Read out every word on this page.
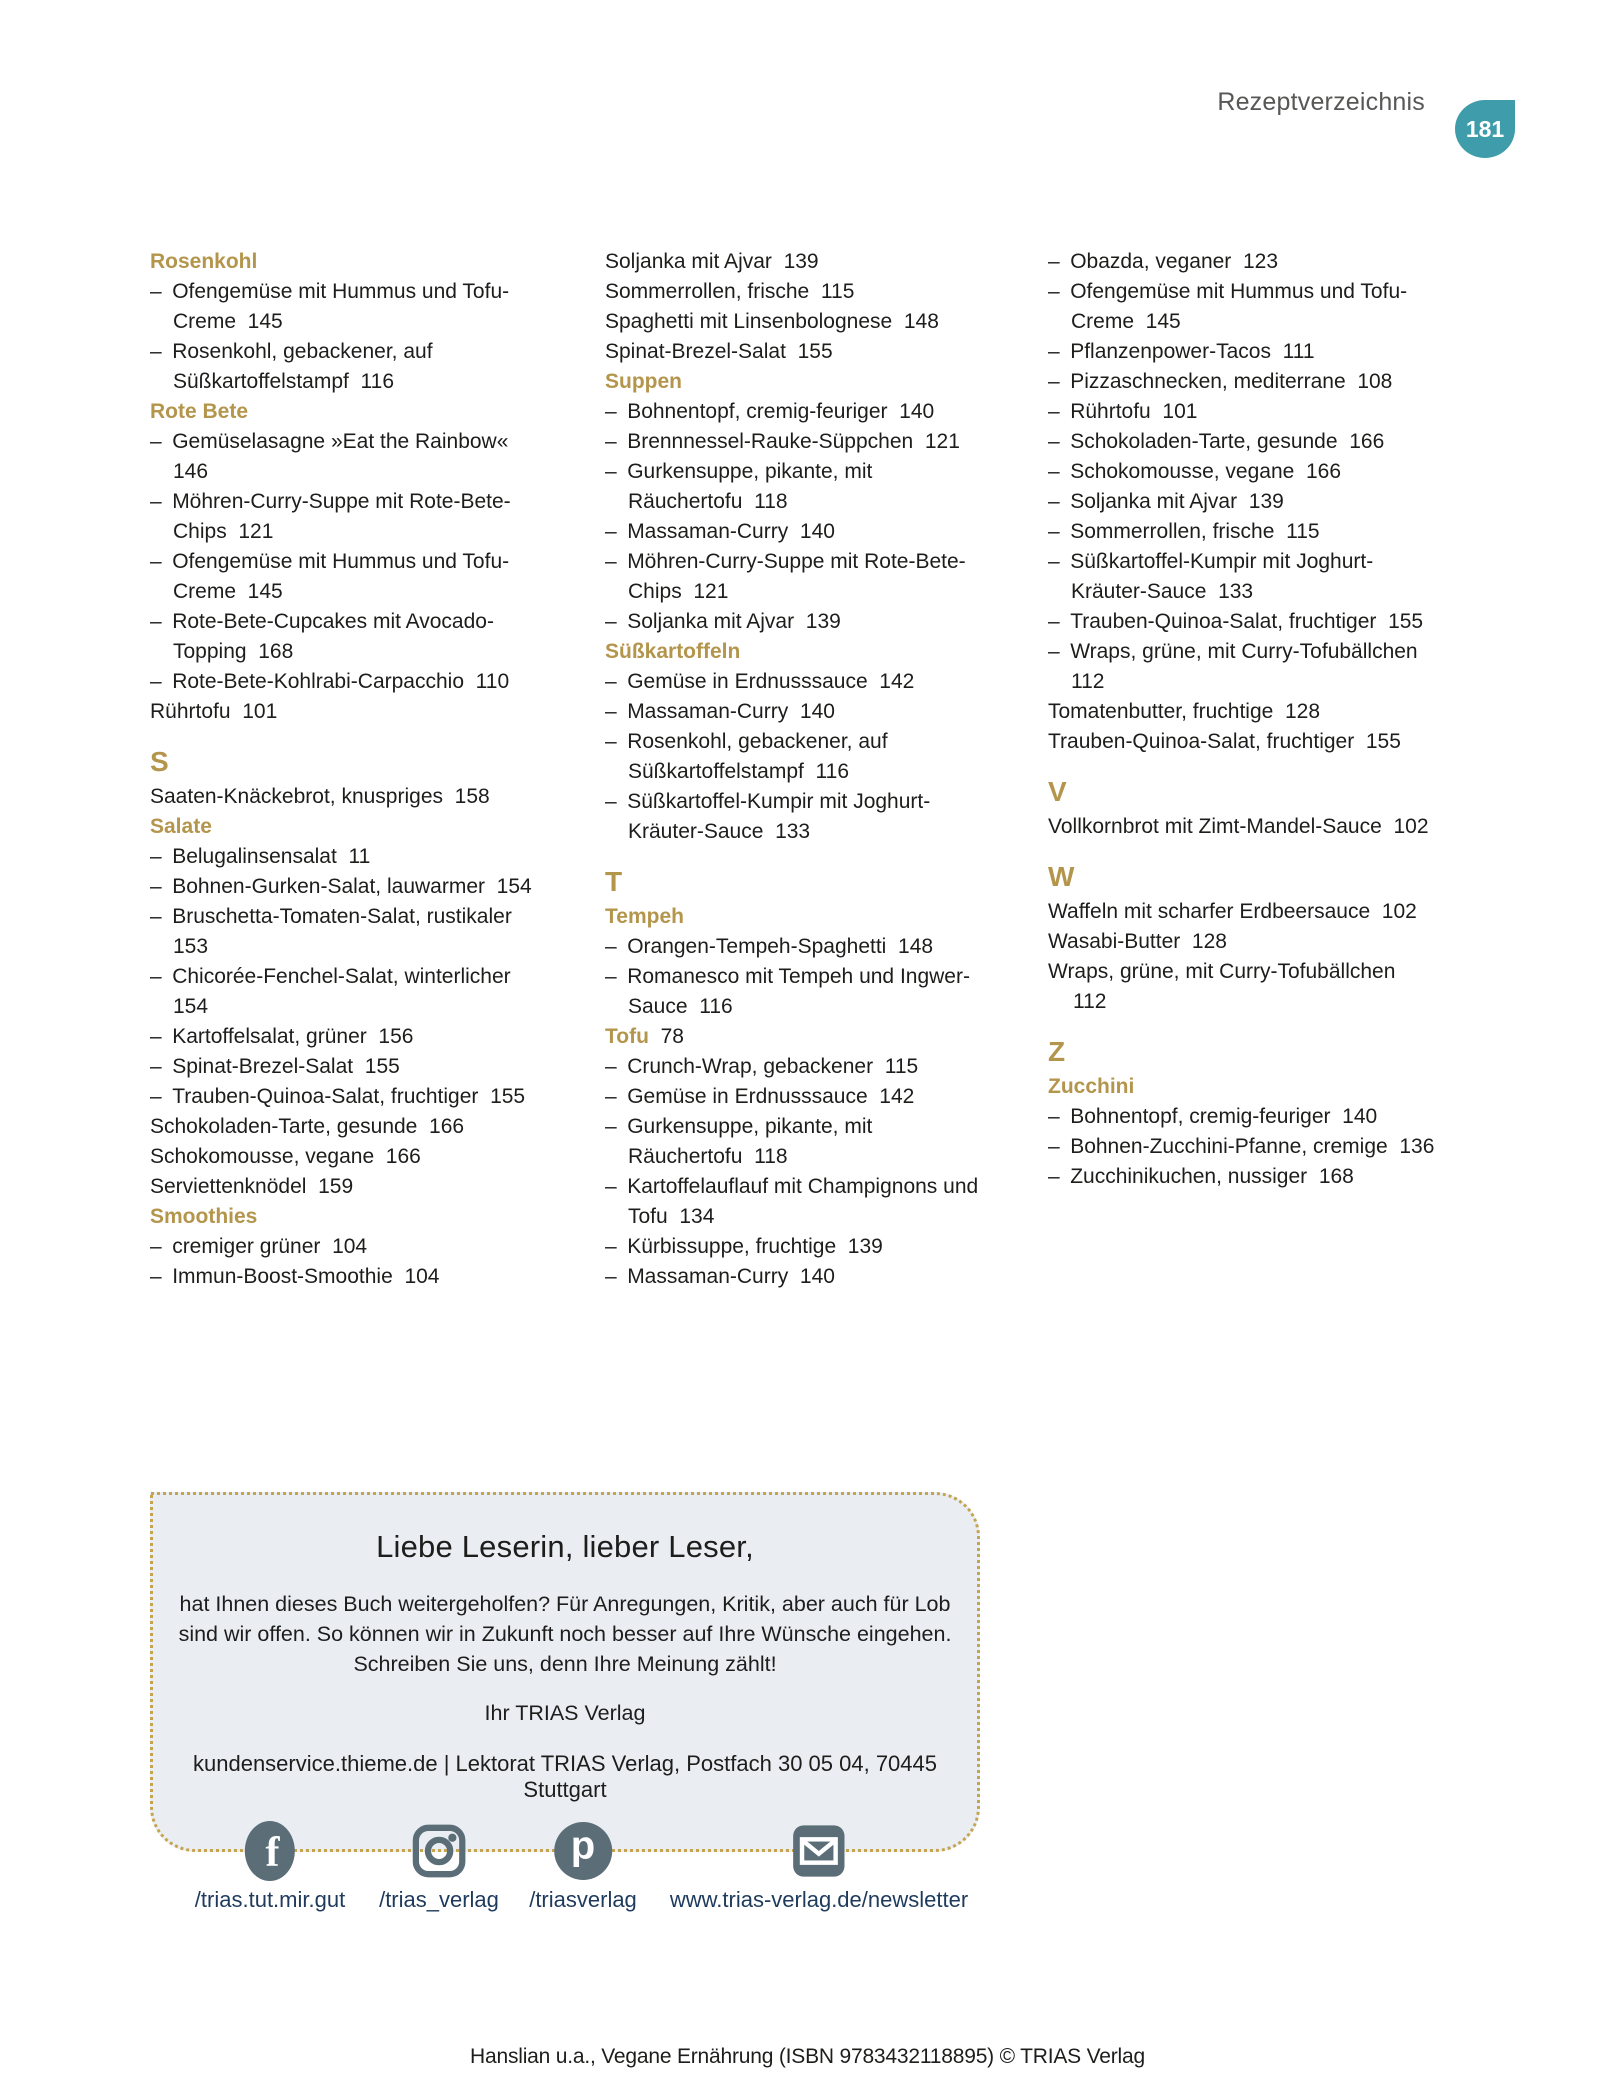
Rezeptverzeichnis
181
Rosenkohl
– Ofengemüse mit Hummus und Tofu-
Creme  145
– Rosenkohl, gebackener, auf
Süßkartoffelstampf  116
Rote Bete
– Gemüselasagne »Eat the Rainbow«
146
– Möhren-Curry-Suppe mit Rote-Bete-
Chips  121
– Ofengemüse mit Hummus und Tofu-
Creme  145
– Rote-Bete-Cupcakes mit Avocado-
Topping  168
– Rote-Bete-Kohlrabi-Carpacchio  110
Rührtofu  101
S
Saaten-Knäckebrot, knuspriges  158
Salate
– Belugalinsensalat  11
– Bohnen-Gurken-Salat, lauwarmer  154
– Bruschetta-Tomaten-Salat, rustikaler
153
– Chicorée-Fenchel-Salat, winterlicher
154
– Kartoffelsalat, grüner  156
– Spinat-Brezel-Salat  155
– Trauben-Quinoa-Salat, fruchtiger  155
Schokoladen-Tarte, gesunde  166
Schokomousse, vegane  166
Serviettenknödel  159
Smoothies
– cremiger grüner  104
– Immun-Boost-Smoothie  104
Soljanka mit Ajvar  139
Sommerrollen, frische  115
Spaghetti mit Linsenbolognese  148
Spinat-Brezel-Salat  155
Suppen
– Bohnentopf, cremig-feuriger  140
– Brennnessel-Rauke-Süppchen  121
– Gurkensuppe, pikante, mit
Räuchertofu  118
– Massaman-Curry  140
– Möhren-Curry-Suppe mit Rote-Bete-
Chips  121
– Soljanka mit Ajvar  139
Süßkartoffeln
– Gemüse in Erdnusssauce  142
– Massaman-Curry  140
– Rosenkohl, gebackener, auf
Süßkartoffelstampf  116
– Süßkartoffel-Kumpir mit Joghurt-
Kräuter-Sauce  133
T
Tempeh
– Orangen-Tempeh-Spaghetti  148
– Romanesco mit Tempeh und Ingwer-
Sauce  116
Tofu  78
– Crunch-Wrap, gebackener  115
– Gemüse in Erdnusssauce  142
– Gurkensuppe, pikante, mit
Räuchertofu  118
– Kartoffelauflauf mit Champignons und
Tofu  134
– Kürbissuppe, fruchtige  139
– Massaman-Curry  140
– Obazda, veganer  123
– Ofengemüse mit Hummus und Tofu-
Creme  145
– Pflanzenpower-Tacos  111
– Pizzaschnecken, mediterrane  108
– Rührtofu  101
– Schokoladen-Tarte, gesunde  166
– Schokomousse, vegane  166
– Soljanka mit Ajvar  139
– Sommerrollen, frische  115
– Süßkartoffel-Kumpir mit Joghurt-
Kräuter-Sauce  133
– Trauben-Quinoa-Salat, fruchtiger  155
– Wraps, grüne, mit Curry-Tofubällchen
112
Tomatenbutter, fruchtige  128
Trauben-Quinoa-Salat, fruchtiger  155
V
Vollkornbrot mit Zimt-Mandel-Sauce  102
W
Waffeln mit scharfer Erdbeersauce  102
Wasabi-Butter  128
Wraps, grüne, mit Curry-Tofubällchen
112
Z
Zucchini
– Bohnentopf, cremig-feuriger  140
– Bohnen-Zucchini-Pfanne, cremige  136
– Zucchinikuchen, nussiger  168
Liebe Leserin, lieber Leser,
hat Ihnen dieses Buch weitergeholfen? Für Anregungen, Kritik, aber auch für Lob
sind wir offen. So können wir in Zukunft noch besser auf Ihre Wünsche eingehen.
Schreiben Sie uns, denn Ihre Meinung zählt!
Ihr TRIAS Verlag
kundenservice.thieme.de | Lektorat TRIAS Verlag, Postfach 30 05 04, 70445 Stuttgart
f
/trias.tut.mir.gut /trias_verlag
p
/triasverlag www.trias-verlag.de/newsletter
Hanslian u.a., Vegane Ernährung (ISBN 9783432118895) © TRIAS Verlag
